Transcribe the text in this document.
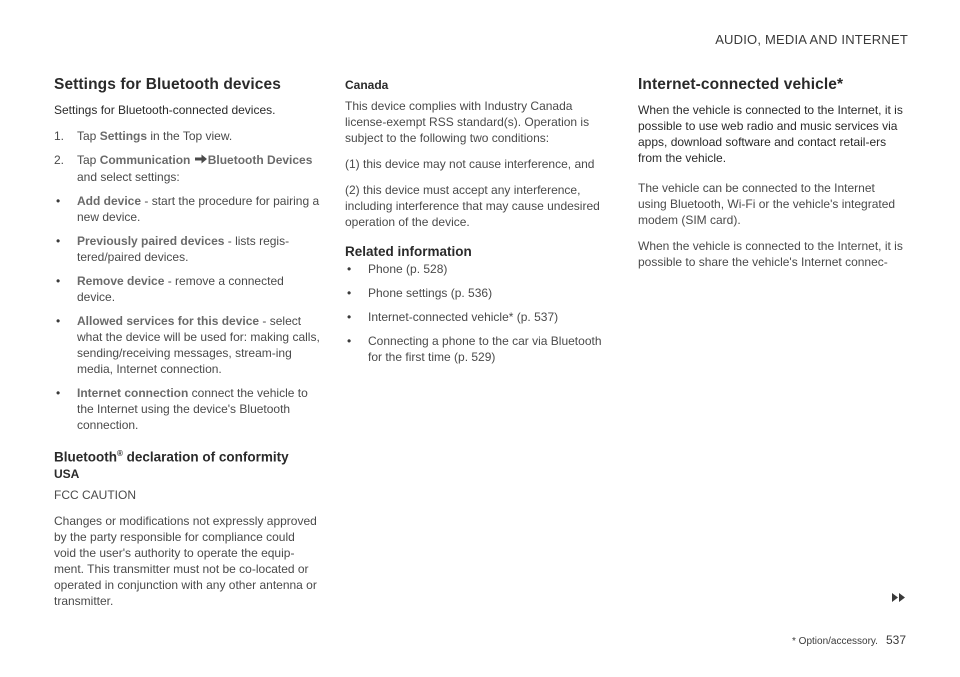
AUDIO, MEDIA AND INTERNET
Settings for Bluetooth devices

Settings for Bluetooth-connected devices.

1. Tap Settings in the Top view.
2. Tap Communication Bluetooth Devices and select settings:
• Add device - start the procedure for pairing a new device.
• Previously paired devices - lists regis-tered/paired devices.
• Remove device - remove a connected device.
• Allowed services for this device - select what the device will be used for: making calls, sending/receiving messages, stream-ing media, Internet connection.
• Internet connection connect the vehicle to the Internet using the device's Bluetooth connection.
Bluetooth® declaration of conformity
USA

FCC CAUTION

Changes or modifications not expressly approved by the party responsible for compliance could void the user's authority to operate the equip-ment. This transmitter must not be co-located or operated in conjunction with any other antenna or transmitter.

Canada

This device complies with Industry Canada license-exempt RSS standard(s). Operation is subject to the following two conditions:

(1) this device may not cause interference, and

(2) this device must accept any interference, including interference that may cause undesired operation of the device.

Related information
• Phone (p. 528)
• Phone settings (p. 536)
• Internet-connected vehicle* (p. 537)
• Connecting a phone to the car via Bluetooth for the first time (p. 529)
Internet-connected vehicle*

When the vehicle is connected to the Internet, it is possible to use web radio and music services via apps, download software and contact retail-ers from the vehicle.

The vehicle can be connected to the Internet using Bluetooth, Wi-Fi or the vehicle's integrated modem (SIM card).

When the vehicle is connected to the Internet, it is possible to share the vehicle's Internet connec-

* Option/accessory. 537
